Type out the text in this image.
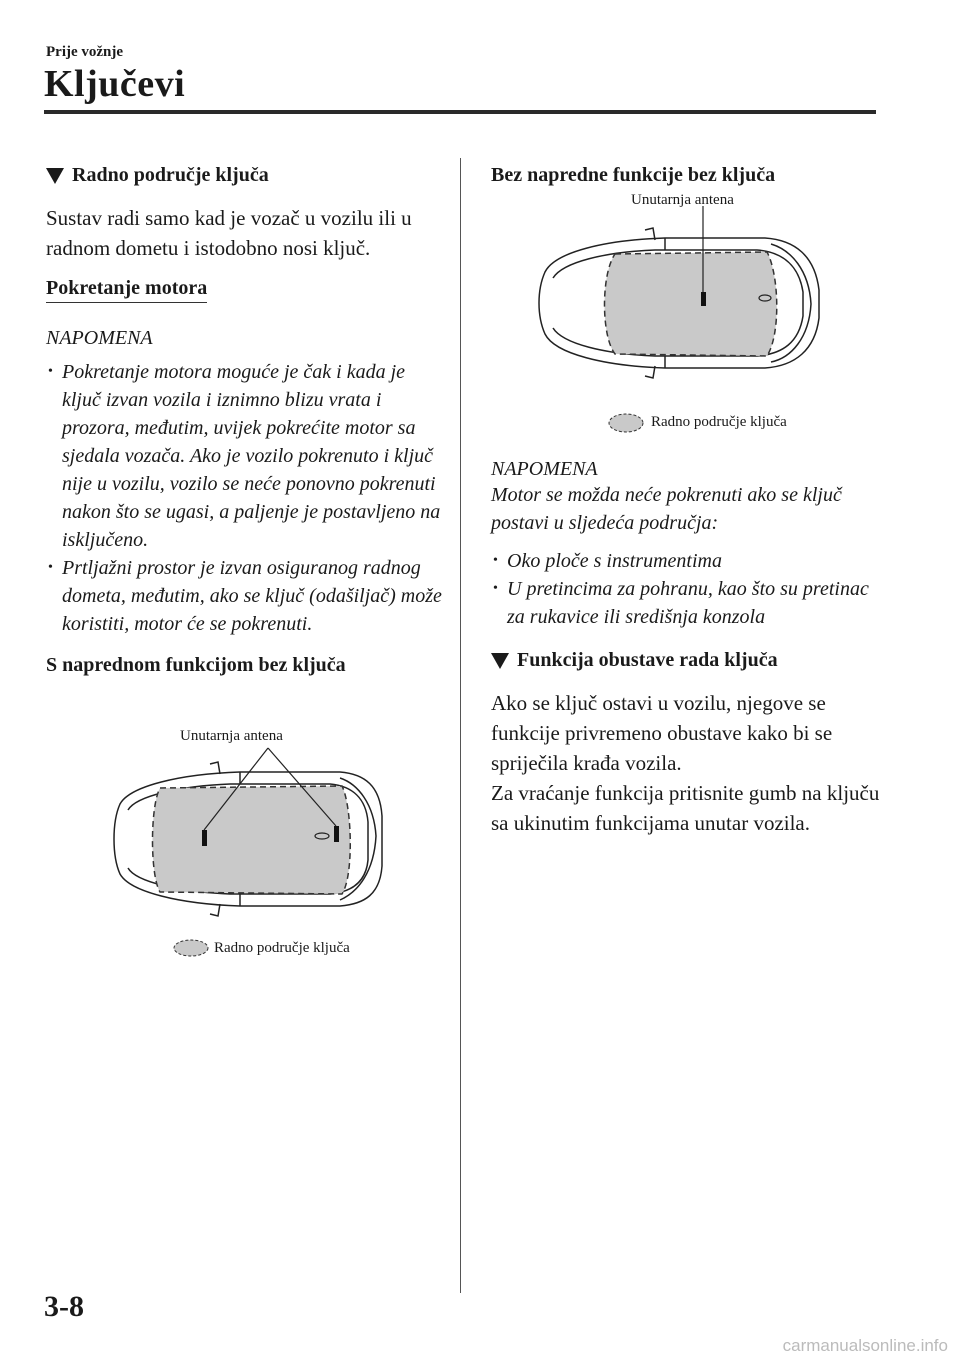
Prije vožnje
Ključevi
Radno područje ključa

Sustav radi samo kad je vozač u vozilu ili u radnom dometu i istodobno nosi ključ.

Pokretanje motora
NAPOMENA
• Pokretanje motora moguće je čak i kada je ključ izvan vozila i iznimno blizu vrata i prozora, međutim, uvijek pokrećite motor sa sjedala vozača. Ako je vozilo pokrenuto i ključ nije u vozilu, vozilo se neće ponovno pokrenuti nakon što se ugasi, a paljenje je postavljeno na isključeno.
• Prtljažni prostor je izvan osiguranog radnog dometa, međutim, ako se ključ (odašiljač) može koristiti, motor će se pokrenuti.
S naprednom funkcijom bez ključa
Unutarnja antena
Radno područje ključa
Bez napredne funkcije bez ključa
Unutarnja antena
Radno područje ključa
NAPOMENA

Motor se možda neće pokrenuti ako se ključ postavi u sljedeća područja:

• Oko ploče s instrumentima
• U pretincima za pohranu, kao što su pretinac za rukavice ili središnja konzola
Funkcija obustave rada ključa

Ako se ključ ostavi u vozilu, njegove se funkcije privremeno obustave kako bi se spriječila krađa vozila.

Za vraćanje funkcija pritisnite gumb na ključu sa ukinutim funkcijama unutar vozila.

3-8
carmanualsonline.info
